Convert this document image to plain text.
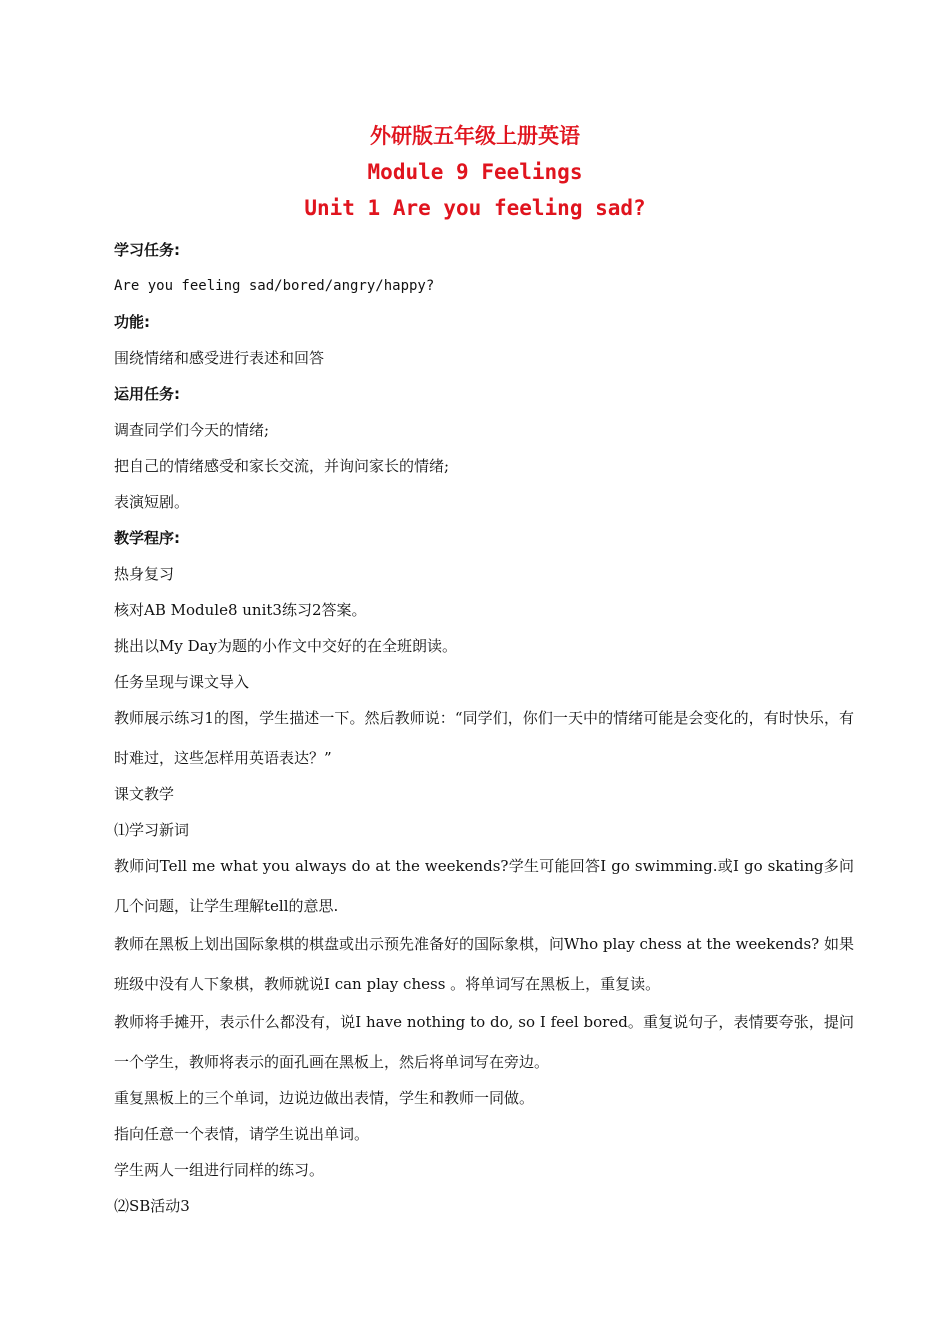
外研版五年级上册英语
Module 9 Feelings
Unit 1 Are you feeling sad?
学习任务:
Are you feeling sad/bored/angry/happy?
功能:
围绕情绪和感受进行表述和回答
运用任务:
调查同学们今天的情绪;
把自己的情绪感受和家长交流，并询问家长的情绪;
表演短剧。
教学程序:
热身复习
核对AB Module8 unit3练习2答案。
挑出以My Day为题的小作文中交好的在全班朗读。
任务呈现与课文导入
教师展示练习1的图，学生描述一下。然后教师说：“同学们，你们一天中的情绪可能是会变化的，有时快乐，有时难过，这些怎样用英语表达？”
课文教学
⑴学习新词
教师问Tell me what you always do at the weekends?学生可能回答I go swimming.或I go skating多问几个问题，让学生理解tell的意思.
教师在黑板上划出国际象棋的棋盘或出示预先准备好的国际象棋，问Who play chess at the weekends? 如果班级中没有人下象棋，教师就说I can play chess 。将单词写在黑板上，重复读。
教师将手摊开，表示什么都没有，说I have nothing to do, so I feel bored。重复说句子，表情要夸张，提问一个学生，教师将表示的面孔画在黑板上，然后将单词写在旁边。
重复黑板上的三个单词，边说边做出表情，学生和教师一同做。
指向任意一个表情，请学生说出单词。
学生两人一组进行同样的练习。
⑵SB活动3
